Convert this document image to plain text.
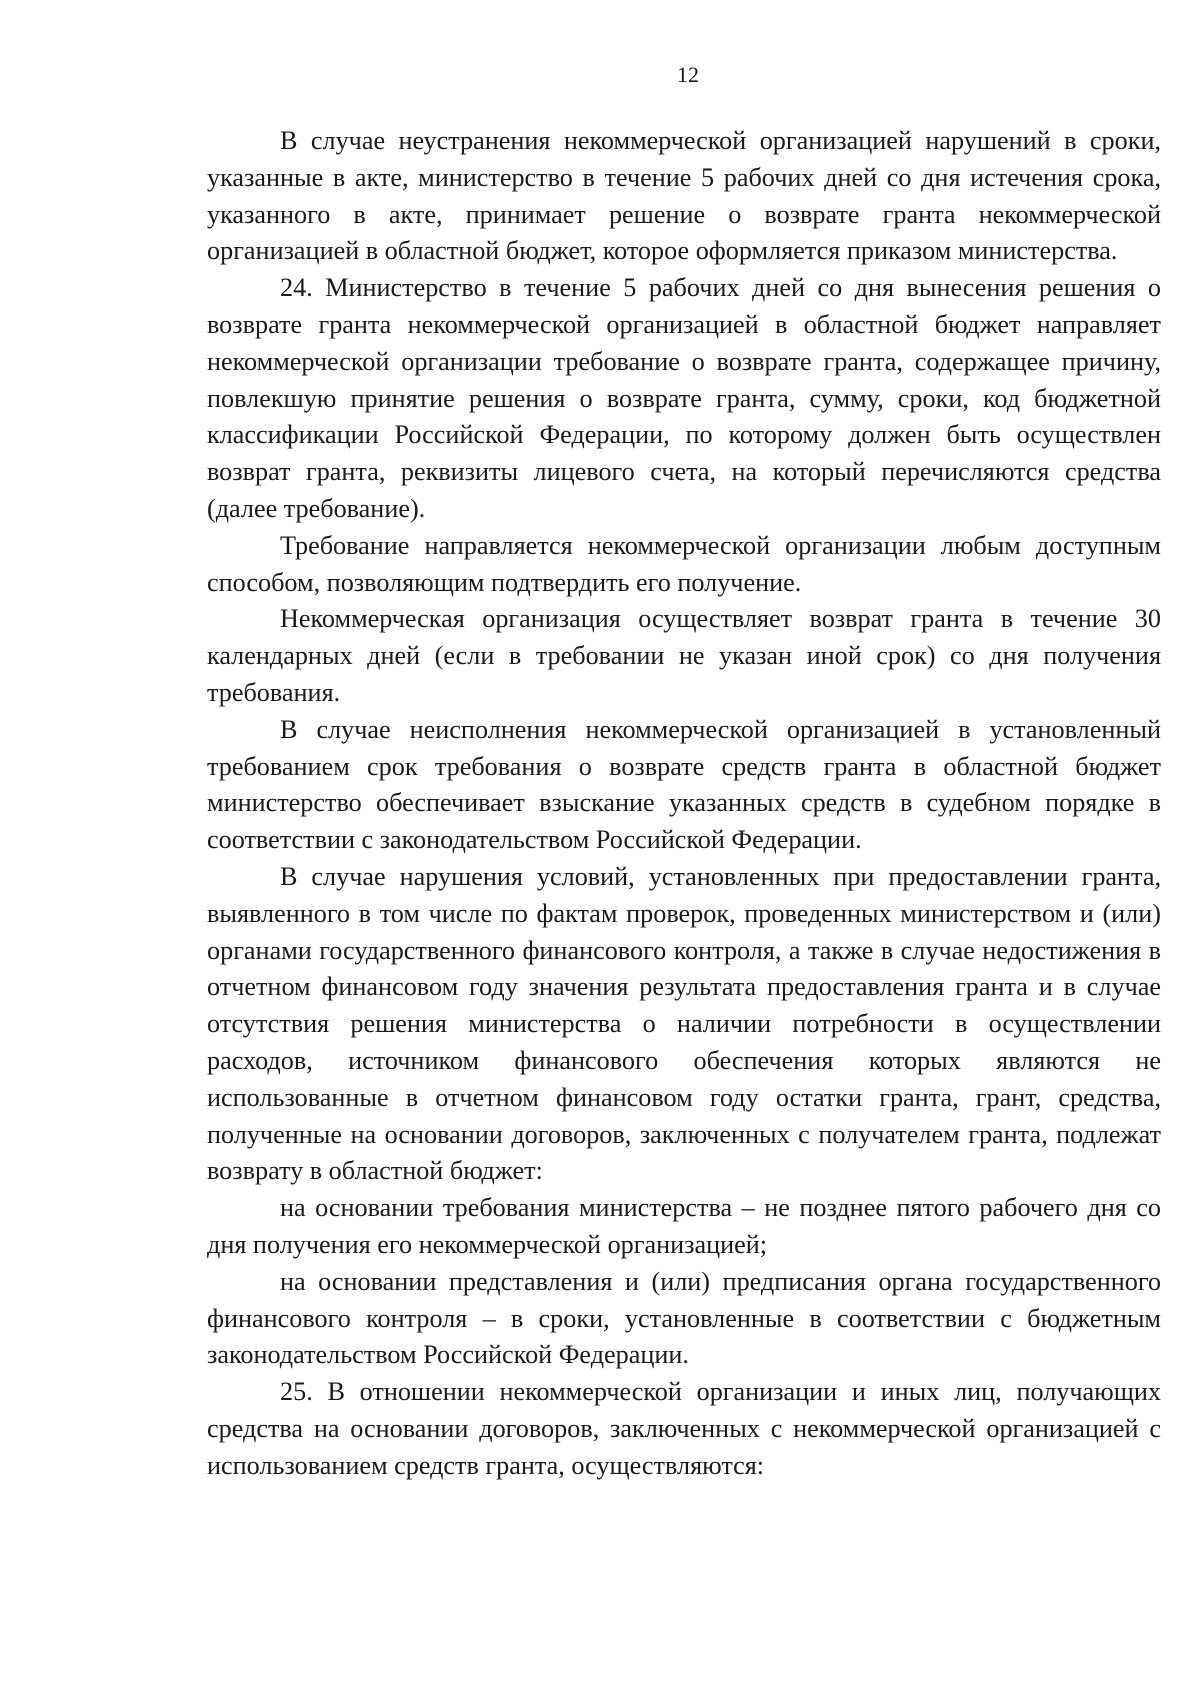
12

В случае неустранения некоммерческой организацией нарушений в сроки, указанные в акте, министерство в течение 5 рабочих дней со дня истечения срока, указанного в акте, принимает решение о возврате гранта некоммерческой организацией в областной бюджет, которое оформляется приказом министерства.

24. Министерство в течение 5 рабочих дней со дня вынесения решения о возврате гранта некоммерческой организацией в областной бюджет направляет некоммерческой организации требование о возврате гранта, содержащее причину, повлекшую принятие решения о возврате гранта, сумму, сроки, код бюджетной классификации Российской Федерации, по которому должен быть осуществлен возврат гранта, реквизиты лицевого счета, на который перечисляются средства (далее требование).

Требование направляется некоммерческой организации любым доступным способом, позволяющим подтвердить его получение.

Некоммерческая организация осуществляет возврат гранта в течение 30 календарных дней (если в требовании не указан иной срок) со дня получения требования.

В случае неисполнения некоммерческой организацией в установленный требованием срок требования о возврате средств гранта в областной бюджет министерство обеспечивает взыскание указанных средств в судебном порядке в соответствии с законодательством Российской Федерации.

В случае нарушения условий, установленных при предоставлении гранта, выявленного в том числе по фактам проверок, проведенных министерством и (или) органами государственного финансового контроля, а также в случае недостижения в отчетном финансовом году значения результата предоставления гранта и в случае отсутствия решения министерства о наличии потребности в осуществлении расходов, источником финансового обеспечения которых являются не использованные в отчетном финансовом году остатки гранта, грант, средства, полученные на основании договоров, заключенных с получателем гранта, подлежат возврату в областной бюджет:

на основании требования министерства – не позднее пятого рабочего дня со дня получения его некоммерческой организацией;

на основании представления и (или) предписания органа государственного финансового контроля – в сроки, установленные в соответствии с бюджетным законодательством Российской Федерации.

25. В отношении некоммерческой организации и иных лиц, получающих средства на основании договоров, заключенных с некоммерческой организацией с использованием средств гранта, осуществляются:
